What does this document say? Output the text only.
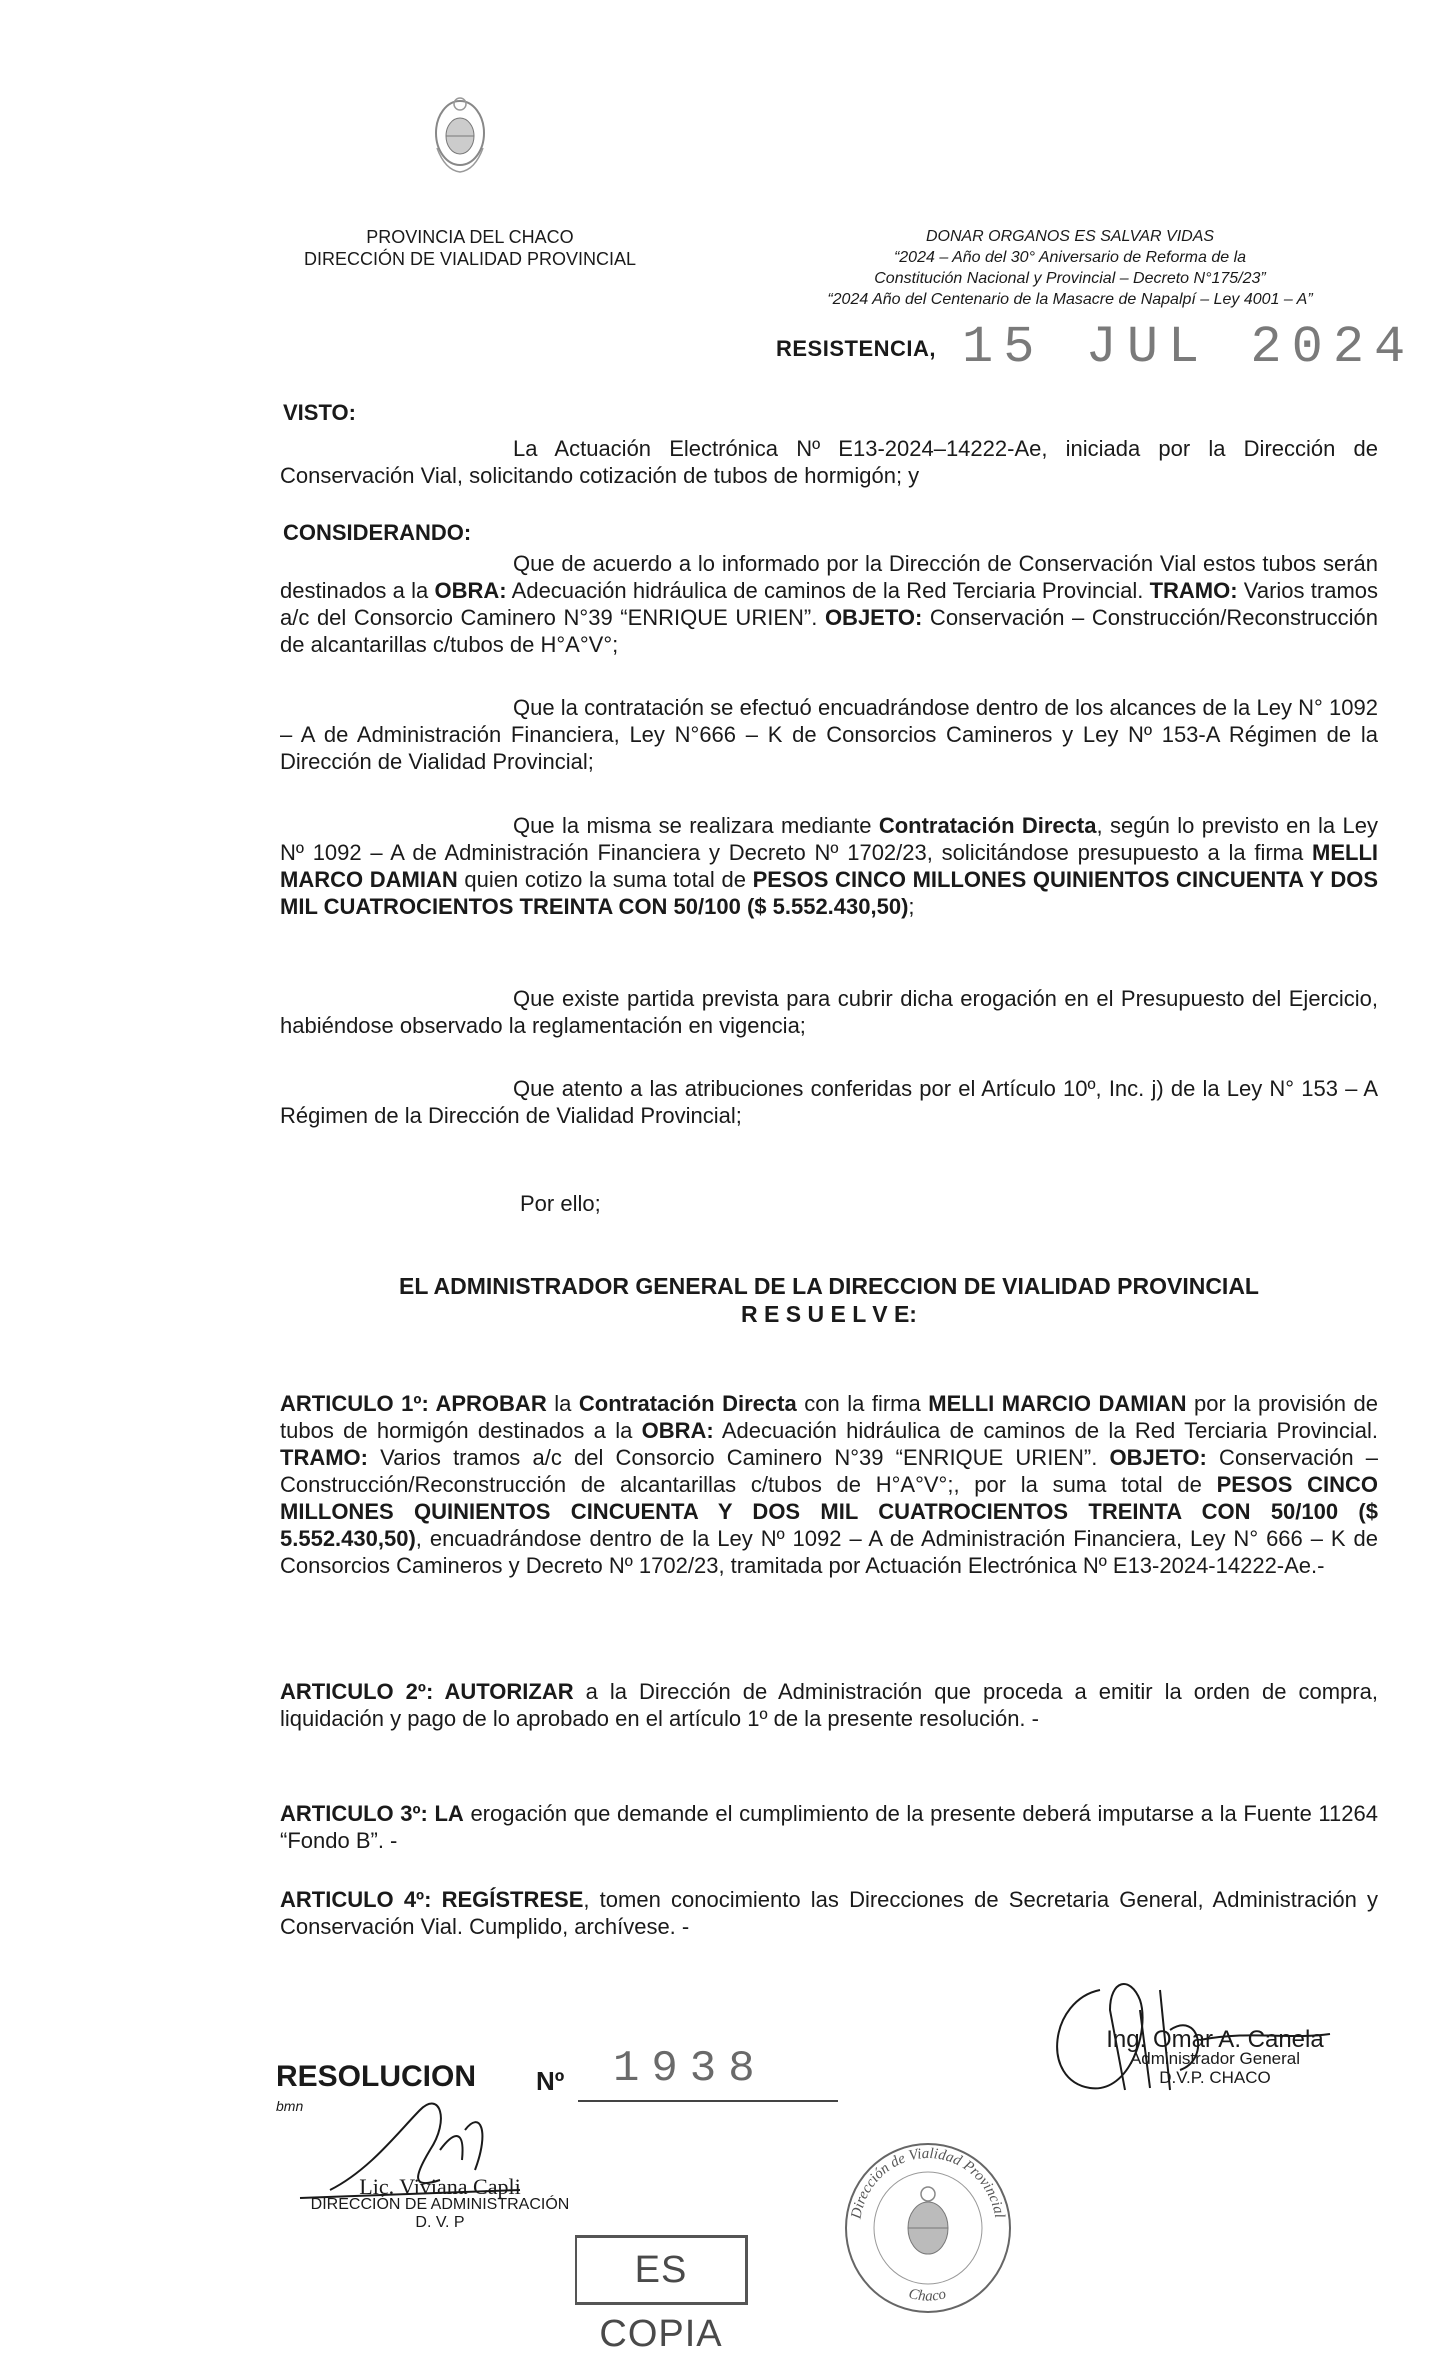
PROVINCIA DEL CHACO
DIRECCIÓN DE VIALIDAD PROVINCIAL
DONAR ORGANOS ES SALVAR VIDAS
“2024 – Año del 30° Aniversario de Reforma de la
Constitución Nacional y Provincial – Decreto N°175/23”
“2024 Año del Centenario de la Masacre de Napalpí – Ley 4001 – A”
RESISTENCIA, 15 JUL 2024
VISTO:

La Actuación Electrónica Nº E13-2024–14222-Ae, iniciada por la Dirección de Conservación Vial, solicitando cotización de tubos de hormigón; y

CONSIDERANDO:

Que de acuerdo a lo informado por la Dirección de Conservación Vial estos tubos serán destinados a la OBRA: Adecuación hidráulica de caminos de la Red Terciaria Provincial. TRAMO: Varios tramos a/c del Consorcio Caminero N°39 “ENRIQUE URIEN”. OBJETO: Conservación – Construcción/Reconstrucción de alcantarillas c/tubos de H°A°V°;

Que la contratación se efectuó encuadrándose dentro de los alcances de la Ley N° 1092 – A de Administración Financiera, Ley N°666 – K de Consorcios Camineros y Ley Nº 153-A Régimen de la Dirección de Vialidad Provincial;

Que la misma se realizara mediante Contratación Directa, según lo previsto en la Ley Nº 1092 – A de Administración Financiera y Decreto Nº 1702/23, solicitándose presupuesto a la firma MELLI MARCO DAMIAN quien cotizo la suma total de PESOS CINCO MILLONES QUINIENTOS CINCUENTA Y DOS MIL CUATROCIENTOS TREINTA CON 50/100 ($ 5.552.430,50);

Que existe partida prevista para cubrir dicha erogación en el Presupuesto del Ejercicio, habiéndose observado la reglamentación en vigencia;

Que atento a las atribuciones conferidas por el Artículo 10º, Inc. j) de la Ley N° 153 – A Régimen de la Dirección de Vialidad Provincial;

Por ello;

EL ADMINISTRADOR GENERAL DE LA DIRECCION DE VIALIDAD PROVINCIAL
R E S U E L V E:

ARTICULO 1º: APROBAR la Contratación Directa con la firma MELLI MARCIO DAMIAN por la provisión de tubos de hormigón destinados a la OBRA: Adecuación hidráulica de caminos de la Red Terciaria Provincial. TRAMO: Varios tramos a/c del Consorcio Caminero N°39 “ENRIQUE URIEN”. OBJETO: Conservación – Construcción/Reconstrucción de alcantarillas c/tubos de H°A°V°;, por la suma total de PESOS CINCO MILLONES QUINIENTOS CINCUENTA Y DOS MIL CUATROCIENTOS TREINTA CON 50/100 ($ 5.552.430,50), encuadrándose dentro de la Ley Nº 1092 – A de Administración Financiera, Ley N° 666 – K de Consorcios Camineros y Decreto Nº 1702/23, tramitada por Actuación Electrónica Nº E13-2024-14222-Ae.-

ARTICULO 2º: AUTORIZAR a la Dirección de Administración que proceda a emitir la orden de compra, liquidación y pago de lo aprobado en el artículo 1º de la presente resolución. -

ARTICULO 3º: LA erogación que demande el cumplimiento de la presente deberá imputarse a la Fuente 11264 “Fondo B”. -

ARTICULO 4º: REGÍSTRESE, tomen conocimiento las Direcciones de Secretaria General, Administración y Conservación Vial. Cumplido, archívese. -

Ing. Omar A. Canela
Administrador General
D.V.P. CHACO
RESOLUCION Nº 1938
bmn
Lic. Viviana Capli
DIRECCIÓN DE ADMINISTRACIÓN
D. V. P
ES COPIA
Dirección de Vialidad Provincial
Chaco
